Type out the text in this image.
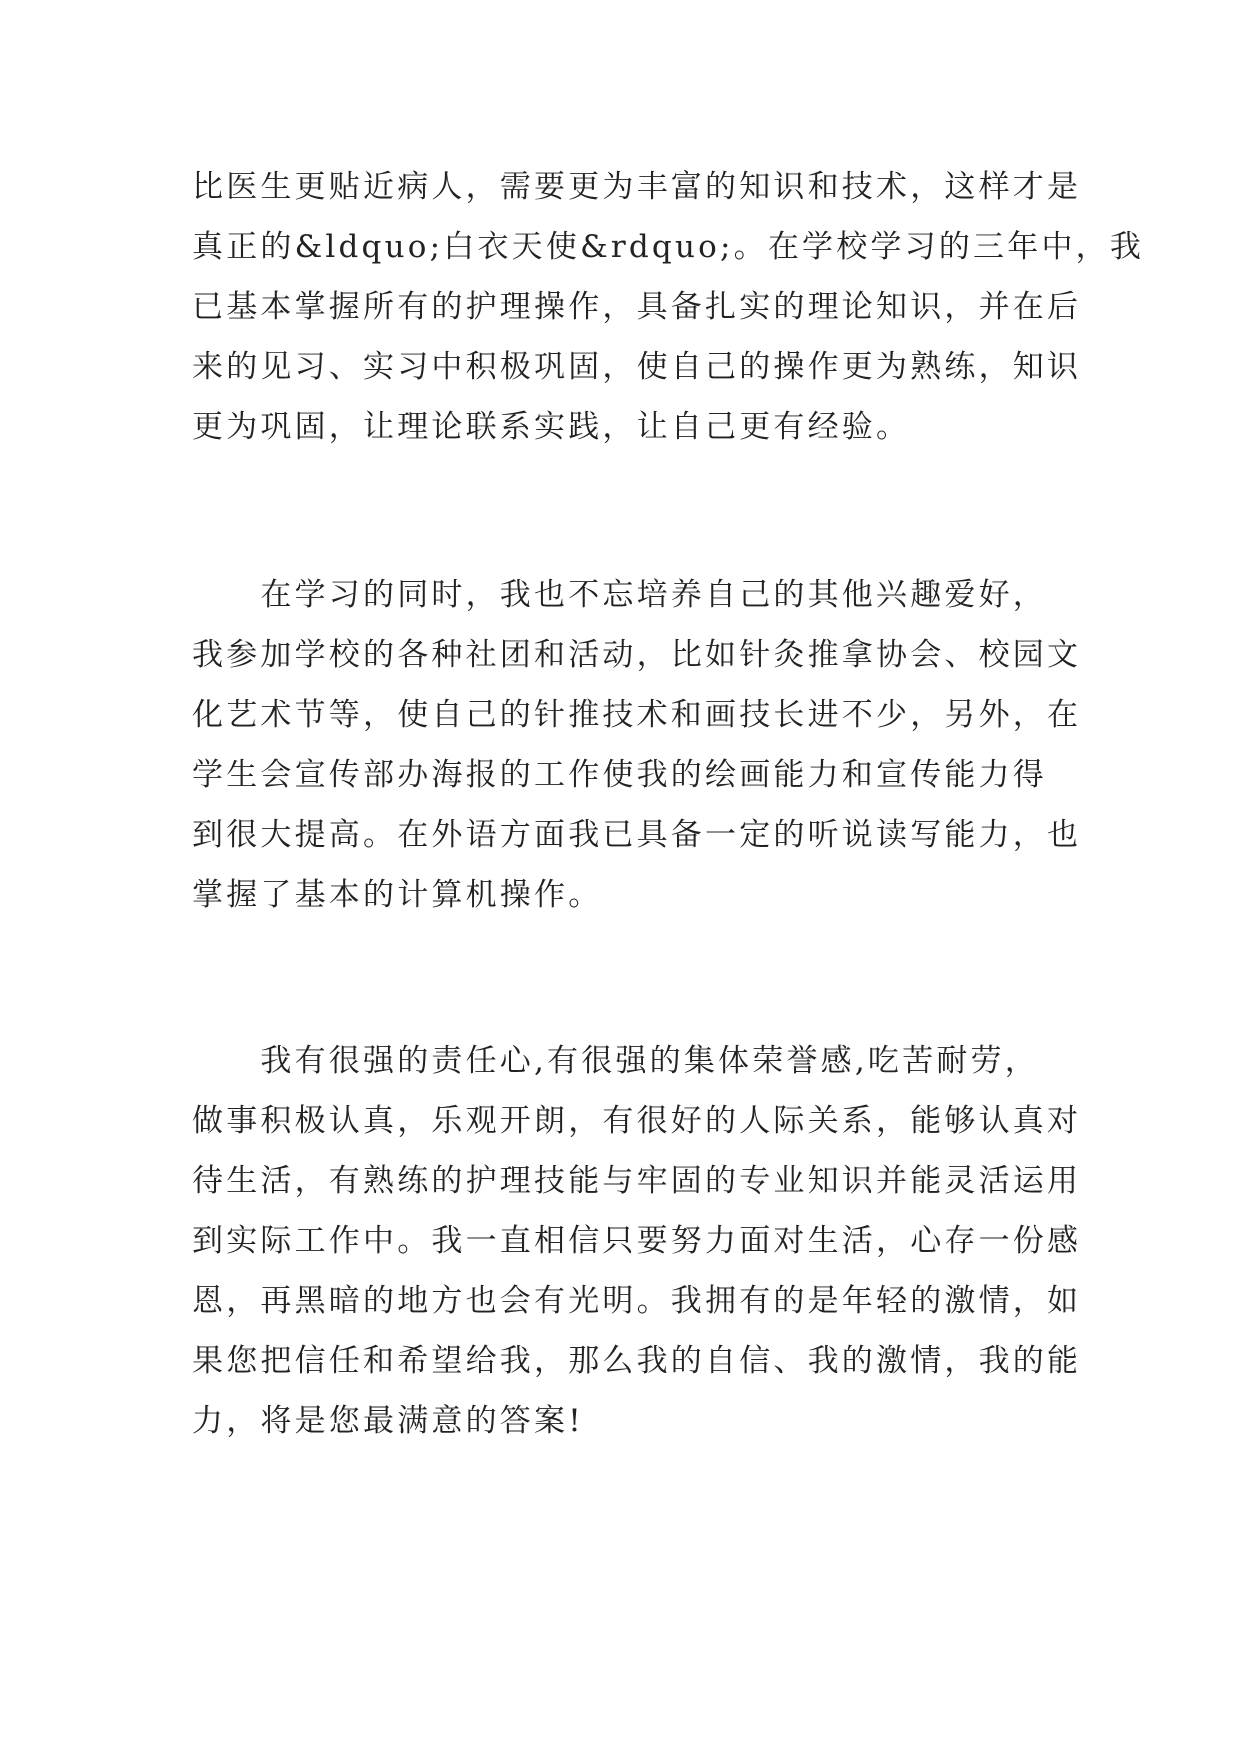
比医生更贴近病人，需要更为丰富的知识和技术，这样才是
真正的&ldquo;白衣天使&rdquo;。在学校学习的三年中，我
已基本掌握所有的护理操作，具备扎实的理论知识，并在后
来的见习、实习中积极巩固，使自己的操作更为熟练，知识
更为巩固，让理论联系实践，让自己更有经验。
　　在学习的同时，我也不忘培养自己的其他兴趣爱好，
我参加学校的各种社团和活动，比如针灸推拿协会、校园文
化艺术节等，使自己的针推技术和画技长进不少，另外，在
学生会宣传部办海报的工作使我的绘画能力和宣传能力得
到很大提高。在外语方面我已具备一定的听说读写能力，也
掌握了基本的计算机操作。
　　我有很强的责任心,有很强的集体荣誉感,吃苦耐劳，
做事积极认真，乐观开朗，有很好的人际关系，能够认真对
待生活，有熟练的护理技能与牢固的专业知识并能灵活运用
到实际工作中。我一直相信只要努力面对生活，心存一份感
恩，再黑暗的地方也会有光明。我拥有的是年轻的激情，如
果您把信任和希望给我，那么我的自信、我的激情，我的能
力，将是您最满意的答案!
